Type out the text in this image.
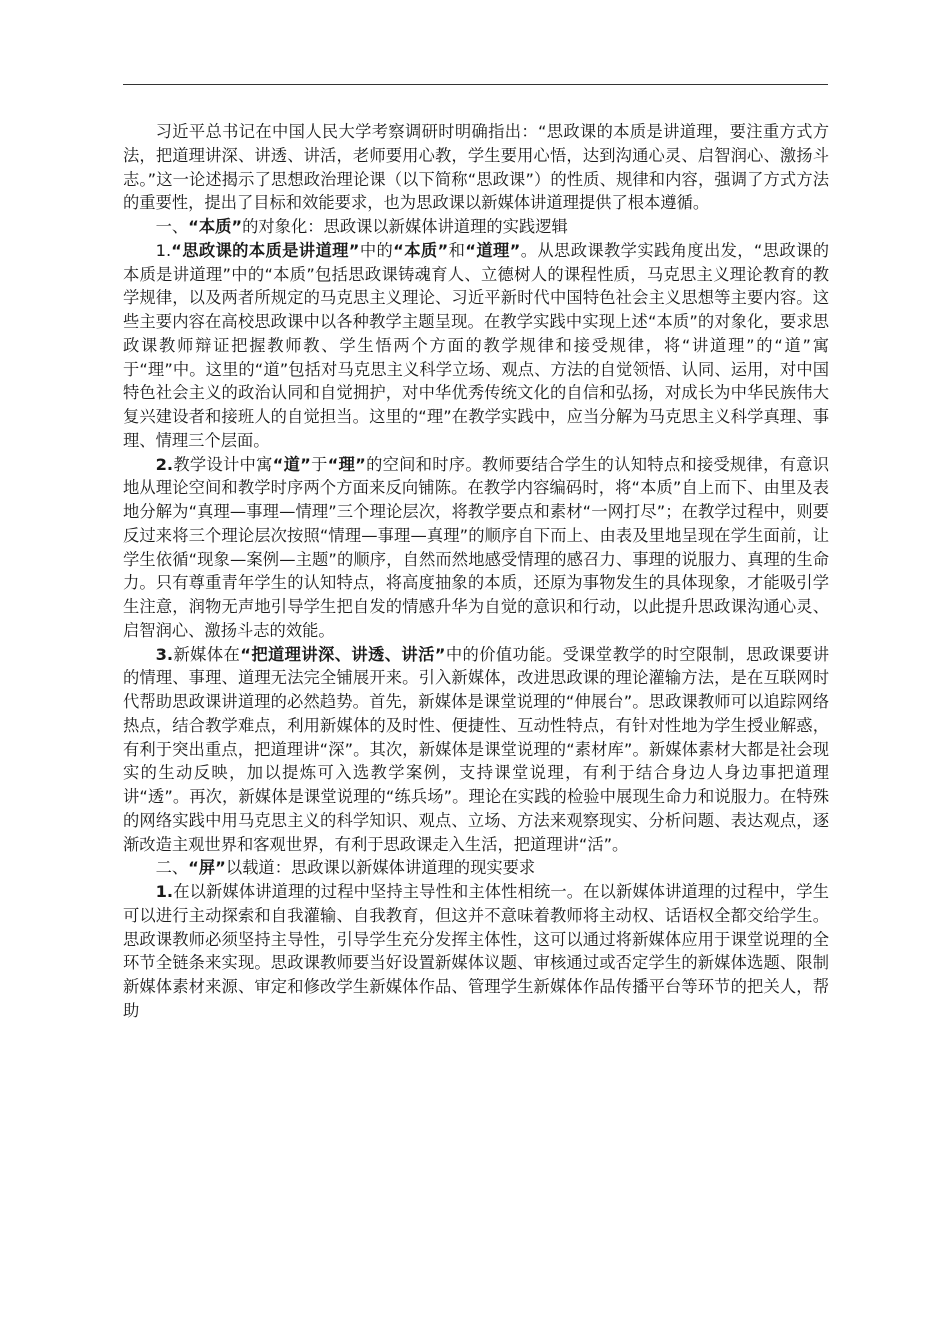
习近平总书记在中国人民大学考察调研时明确指出：“思政课的本质是讲道理，要注重方式方法，把道理讲深、讲透、讲活，老师要用心教，学生要用心悟，达到沟通心灵、启智润心、激扬斗志。”这一论述揭示了思想政治理论课（以下简称“思政课”）的性质、规律和内容，强调了方式方法的重要性，提出了目标和效能要求，也为思政课以新媒体讲道理提供了根本遵循。

一、“本质”的对象化：思政课以新媒体讲道理的实践逻辑

1.“思政课的本质是讲道理”中的“本质”和“道理”。从思政课教学实践角度出发，“思政课的本质是讲道理”中的“本质”包括思政课铸魂育人、立德树人的课程性质，马克思主义理论教育的教学规律，以及两者所规定的马克思主义理论、习近平新时代中国特色社会主义思想等主要内容。这些主要内容在高校思政课中以各种教学主题呈现。在教学实践中实现上述“本质”的对象化，要求思政课教师辩证把握教师教、学生悟两个方面的教学规律和接受规律，将“讲道理”的“道”寓于“理”中。这里的“道”包括对马克思主义科学立场、观点、方法的自觉领悟、认同、运用，对中国特色社会主义的政治认同和自觉拥护，对中华优秀传统文化的自信和弘扬，对成长为中华民族伟大复兴建设者和接班人的自觉担当。这里的“理”在教学实践中，应当分解为马克思主义科学真理、事理、情理三个层面。

2.教学设计中寓“道”于“理”的空间和时序。教师要结合学生的认知特点和接受规律，有意识地从理论空间和教学时序两个方面来反向铺陈。在教学内容编码时，将“本质”自上而下、由里及表地分解为“真理—事理—情理”三个理论层次，将教学要点和素材“一网打尽”；在教学过程中，则要反过来将三个理论层次按照“情理—事理—真理”的顺序自下而上、由表及里地呈现在学生面前，让学生依循“现象—案例—主题”的顺序，自然而然地感受情理的感召力、事理的说服力、真理的生命力。只有尊重青年学生的认知特点，将高度抽象的本质，还原为事物发生的具体现象，才能吸引学生注意，润物无声地引导学生把自发的情感升华为自觉的意识和行动，以此提升思政课沟通心灵、启智润心、激扬斗志的效能。

3.新媒体在“把道理讲深、讲透、讲活”中的价值功能。受课堂教学的时空限制，思政课要讲的情理、事理、道理无法完全铺展开来。引入新媒体，改进思政课的理论灌输方法，是在互联网时代帮助思政课讲道理的必然趋势。首先，新媒体是课堂说理的“伸展台”。思政课教师可以追踪网络热点，结合教学难点，利用新媒体的及时性、便捷性、互动性特点，有针对性地为学生授业解惑，有利于突出重点，把道理讲“深”。其次，新媒体是课堂说理的“素材库”。新媒体素材大都是社会现实的生动反映，加以提炼可入选教学案例，支持课堂说理，有利于结合身边人身边事把道理讲“透”。再次，新媒体是课堂说理的“练兵场”。理论在实践的检验中展现生命力和说服力。在特殊的网络实践中用马克思主义的科学知识、观点、立场、方法来观察现实、分析问题、表达观点，逐渐改造主观世界和客观世界，有利于思政课走入生活，把道理讲“活”。

二、“屏”以载道：思政课以新媒体讲道理的现实要求

1.在以新媒体讲道理的过程中坚持主导性和主体性相统一。在以新媒体讲道理的过程中，学生可以进行主动探索和自我灌输、自我教育，但这并不意味着教师将主动权、话语权全都交给学生。思政课教师必须坚持主导性，引导学生充分发挥主体性，这可以通过将新媒体应用于课堂说理的全环节全链条来实现。思政课教师要当好设置新媒体议题、审核通过或否定学生的新媒体选题、限制新媒体素材来源、审定和修改学生新媒体作品、管理学生新媒体作品传播平台等环节的把关人，帮助
